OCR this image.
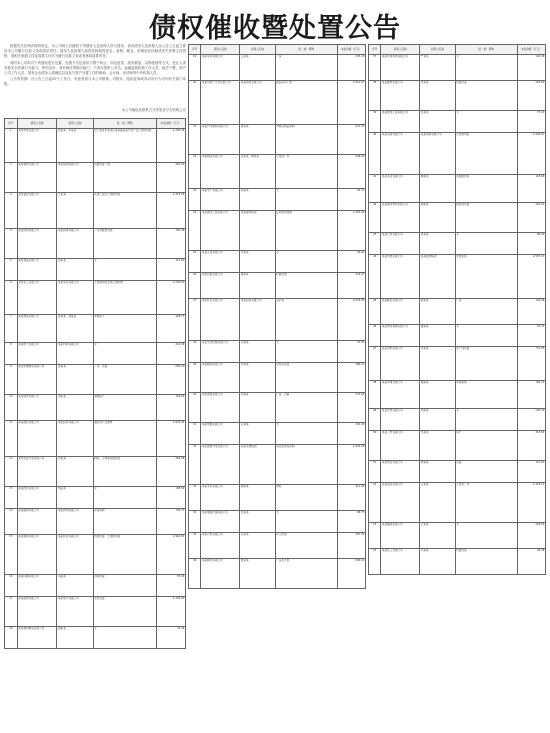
债权催收暨处置公告

根据有关法律法规的规定，本公司现公告催收下列债务人及担保人所欠债务，请各债务人及担保人从公告之日起立即向本公司履行还款义务或清偿责任。债务人及担保人如因各种原因更名、改制、歇业、吊销营业执照或丧失民事主体资格，请相关承债主体及清算主体代为履行还款义务或者承担清算责任。

同时本公司拟对下列债权进行处置，处置方式包括但不限于转让、诉讼追偿、债务重组、以物抵债等方式。受让人须具备完全民事行为能力，资信良好，具有相应的购买能力；不得为国家公务员、金融监管机构工作人员、政法干警、资产公司工作人员、国有企业债务人管理层以及参与资产处置工作的律师、会计师、评估师等中介机构人员。

公告有效期：自公告之日起20个工作日。有意者请与本公司联系。对排斥、阻挠征询或异议的行为可向有关部门举报。

本公司地址及联系方式详见各分支机构公告
序号	债务人名称	担保人名称	抵（质）押物	本金余额（万元）
1	某某贸易有限公司	张某某、李某某	位于某某市某某区某某路某某号房产及土地使用权	1,256.34
2	某某建材有限公司	某某集团有限公司	机器设备一批	987.20
3	某某置业有限公司	王某某	在建工程及土地使用权	2,318.05
4	某某纺织有限公司	某某担保有限公司	厂房及配套设施	765.48
5	某某食品有限公司	赵某某	无	312.60
6	某某化工有限公司	某某实业有限公司	土地使用权及地上建筑物	1,540.00
7	某某物流有限公司	陈某某、刘某某	车辆若干	428.77
8	某某电子有限公司	某某科技有限公司	无	219.36
9	某某机械制造有限公司	孙某某	厂房、设备	683.10
10	某某商贸有限公司	周某某	商铺房产	356.92
11	某某酒店有限公司	某某投资有限公司	酒店房产及装修	1,872.45
12	某某农业开发有限公司	吴某某	林权、土地承包经营权	264.08
13	某某医药有限公司	郑某某	无	198.50
14	某某服饰有限公司	某某纺织有限公司	存货质押	145.73
15	某某钢铁有限公司	某某矿业有限公司	机器设备、土地使用权	2,964.81
16	某某印刷有限公司	冯某某	印刷设备	87.26
17	某某能源有限公司	某某电力有限公司	发电设备	1,103.90
18	某某塑料制品有限公司	褚某某	无	76.42
序号	债务人名称	担保人名称	抵（质）押物	本金余额（万元）
19	某某家具有限公司	卫某某	厂房	233.18
20	某某房地产开发有限公司	某某控股有限公司	商品房若干套	3,412.67
21	某某汽车销售有限公司	蒋某某	车辆合格证质押	521.33
22	某某陶瓷有限公司	沈某某、韩某某	土地及厂房	648.90
23	某某水产有限公司	杨某某	无	92.15
24	某某建设工程有限公司	某某建筑集团	应收账款质押	1,287.44
25	某某五金有限公司	朱某某	无	58.60
26	某某包装有限公司	秦某某	机器设备	134.27
27	某某矿业有限公司	某某投资有限公司	采矿权	2,076.35
28	某某文化传媒有限公司	尤某某	无	47.83
29	某某粮油有限公司	许某某	仓库及存货	389.12
30	某某玻璃有限公司	何某某	厂房、设备	572.66
31	某某电器有限公司	吕某某	无	163.40
32	某某旅游开发有限公司	某某文旅集团	景区经营权质押	1,645.28
33	某某木业有限公司	施某某	林权	211.09
34	某某通信设备有限公司	张某某	无	98.75
35	某某石材有限公司	孔某某	矿山设备	307.52
36	某某制药有限公司	曹某某	厂房及土地	826.14
序号	债务人名称	担保人名称	抵（质）押物	本金余额（万元）
37	某某环保科技有限公司	严某某	无	142.36
38	某某橡胶有限公司	华某某	机器设备	265.80
39	某某装饰工程有限公司	金某某	无	73.29
40	某某冶金有限公司	某某钢铁有限公司	土地使用权	1,934.57
41	某某茶业有限公司	魏某某	茶园经营权	118.66
42	某某建筑材料有限公司	陶某某	搅拌站设备	402.31
43	某某日化有限公司	姜某某	无	86.90
44	某某热电有限公司	某某能源集团	发电机组	2,587.13
45	某某鞋业有限公司	戚某某	厂房	194.48
46	某某物业管理有限公司	谢某某	无	52.37
47	某某造纸有限公司	邹某某	生产线设备	731.05
48	某某养殖有限公司	喻某某	养殖场地	166.72
49	某某光电有限公司	柏某某	无	245.19
50	某某工贸有限公司	水某某	房产	318.84
51	某某纸业有限公司	窦某某	设备	127.63
52	某某铝业有限公司	章某某	土地及厂房	1,418.27
53	某某酿酒有限公司	云某某	无	209.55
54	某某轻工有限公司	苏某某	机器设备	94.38
